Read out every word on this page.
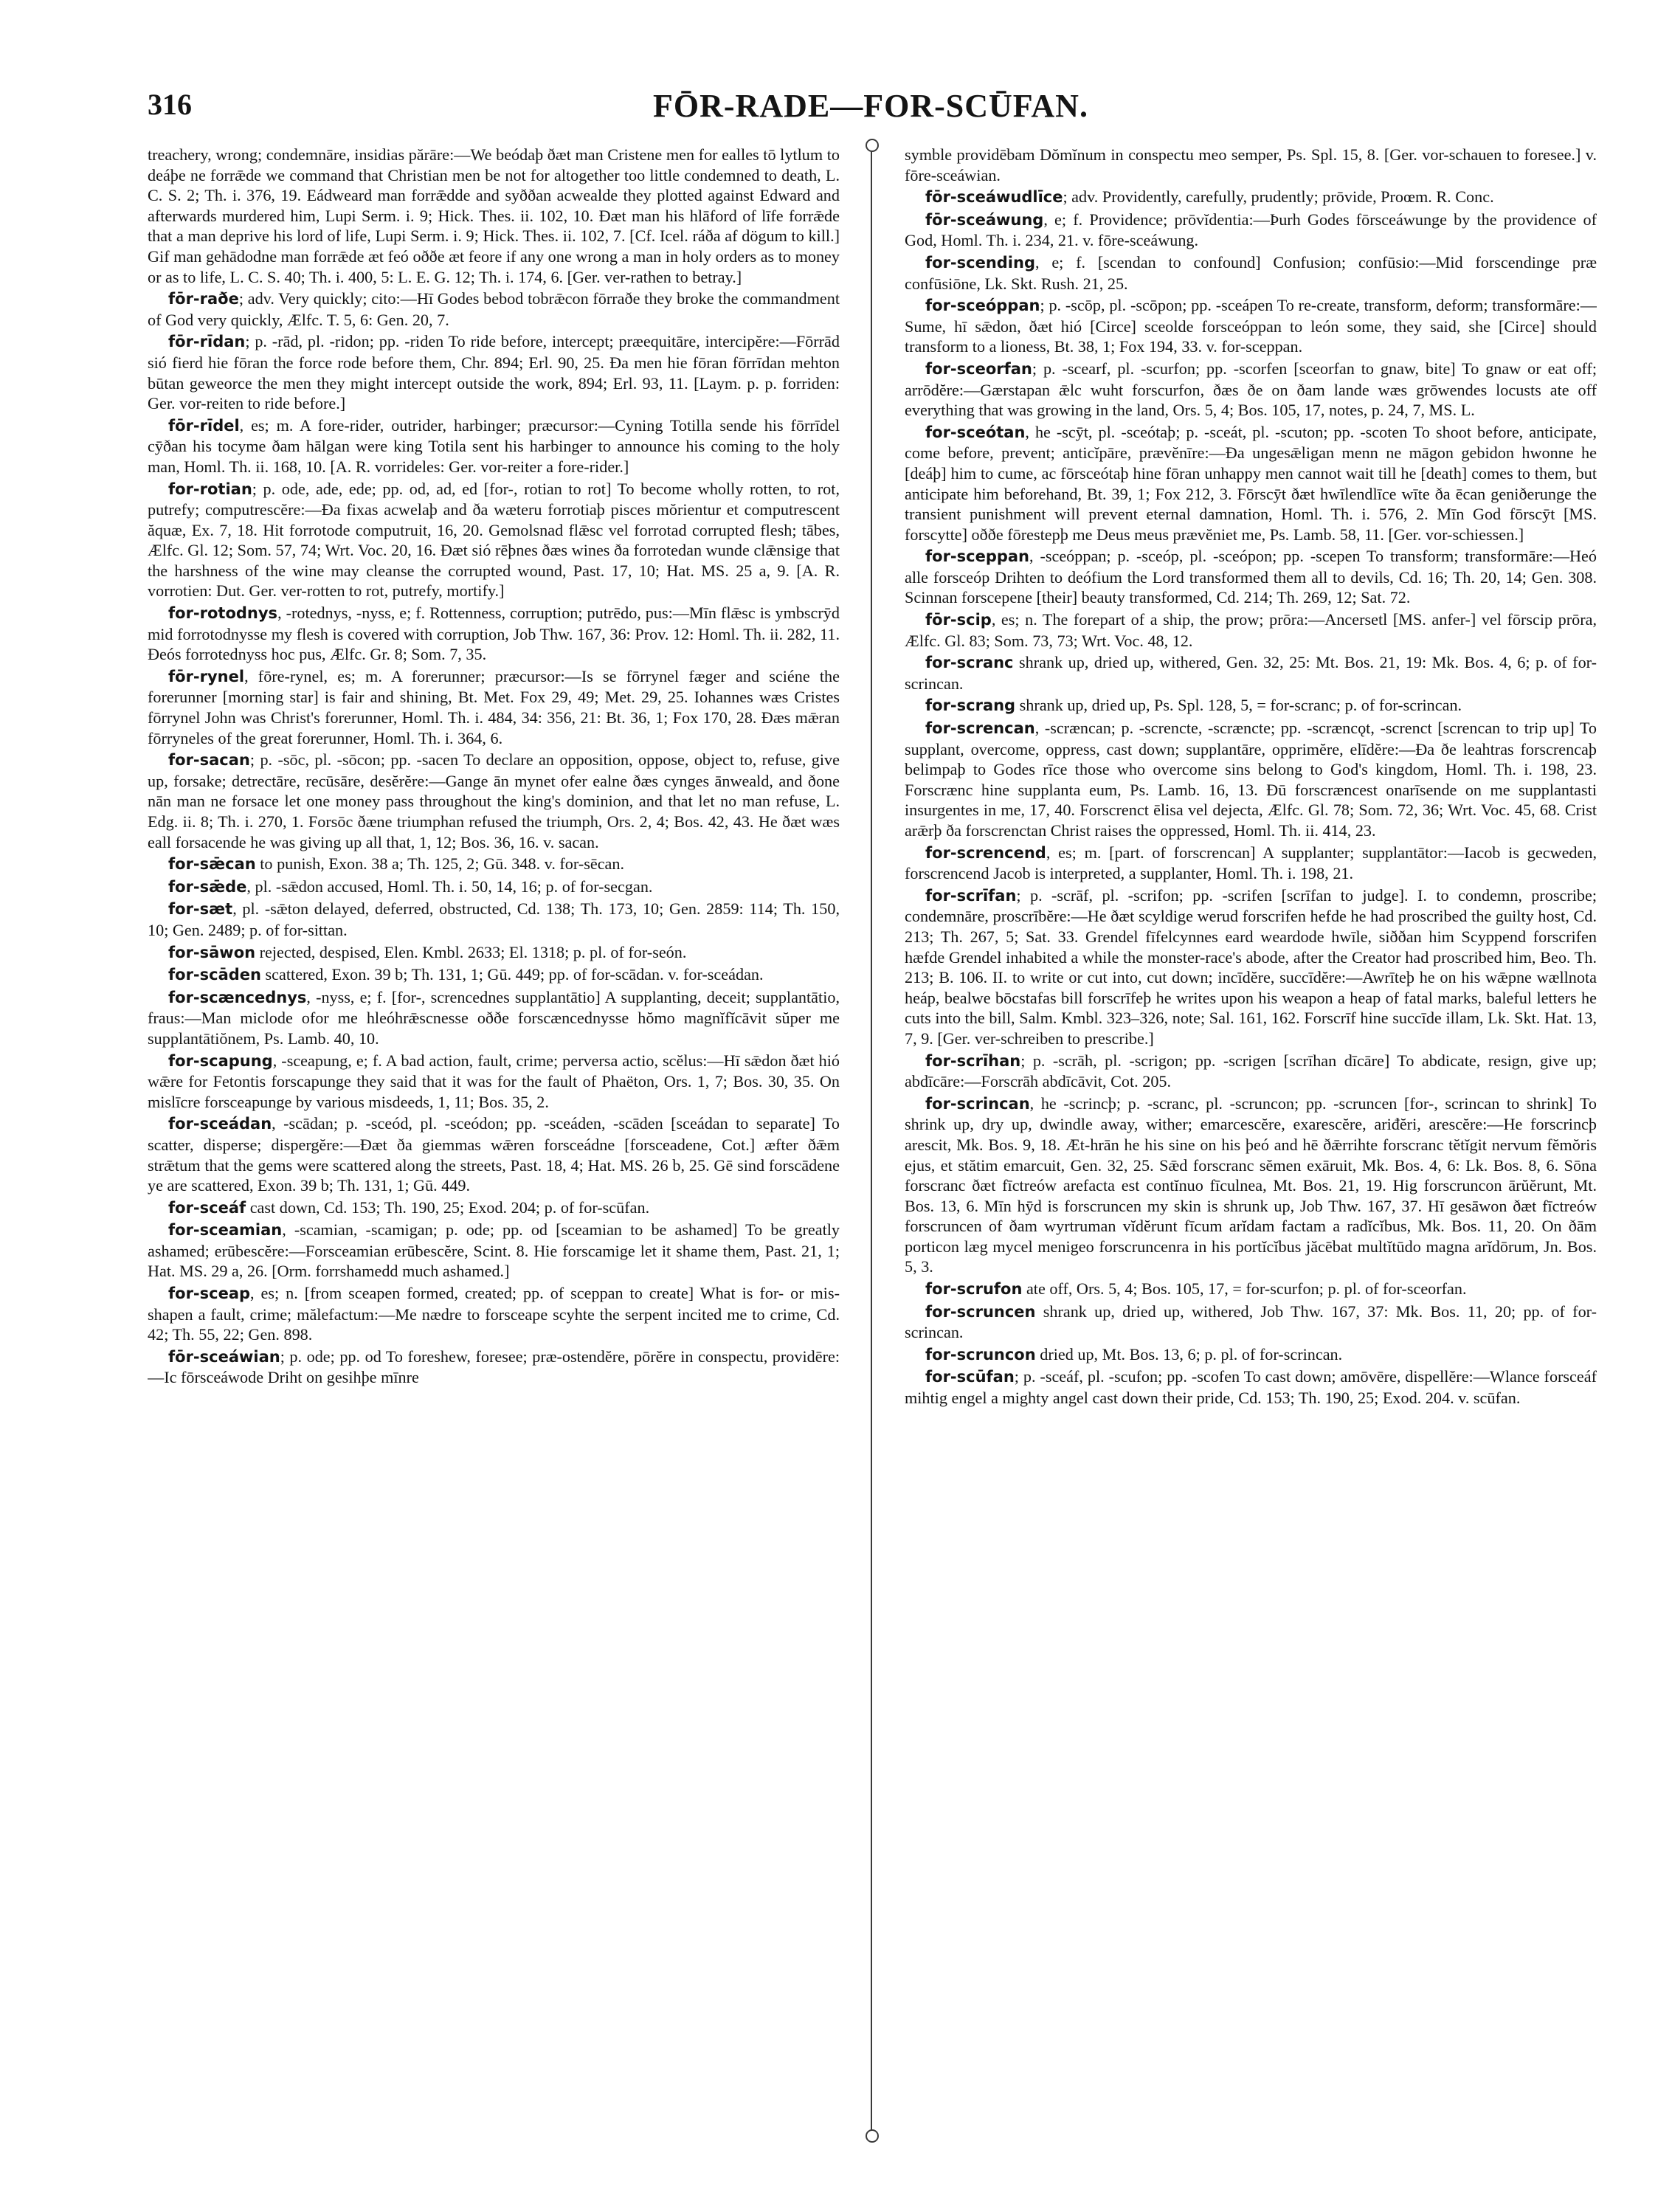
316	FŌR-RADE—FOR-SCŪFAN.

treachery, wrong; condemnāre, insidias părāre:—We beódaþ ðæt man Cristene men for ealles tō lytlum to deáþe ne forrǣde we command that Christian men be not for altogether too little condemned to death, L. C. S. 2; Th. i. 376, 19. Eádweard man forrǣdde and syððan acwealde they plotted against Edward and afterwards murdered him, Lupi Serm. i. 9; Hick. Thes. ii. 102, 10. Ðæt man his hlāford of līfe forrǣde that a man deprive his lord of life, Lupi Serm. i. 9; Hick. Thes. ii. 102, 7. [Cf. Icel. ráða af dögum to kill.] Gif man gehādodne man forrǣde æt feó oððe æt feore if any one wrong a man in holy orders as to money or as to life, L. C. S. 40; Th. i. 400, 5: L. E. G. 12; Th. i. 174, 6. [Ger. ver-rathen to betray.]

fōr-raðe; adv. Very quickly; cito:—Hī Godes bebod tobrǣcon fōrraðe they broke the commandment of God very quickly, Ælfc. T. 5, 6: Gen. 20, 7.

fōr-rīdan; p. -rād, pl. -ridon; pp. -riden To ride before, intercept; præequitāre, intercipĕre:—Fōrrād sió fierd hie fōran the force rode before them, Chr. 894; Erl. 90, 25. Ða men hie fōran fōrrīdan mehton būtan geweorce the men they might intercept outside the work, 894; Erl. 93, 11. [Laym. p. p. forriden: Ger. vor-reiten to ride before.]

fōr-rīdel, es; m. A fore-rider, outrider, harbinger; præcursor:—Cyning Totilla sende his fōrrīdel cȳðan his tocyme ðam hālgan were king Totila sent his harbinger to announce his coming to the holy man, Homl. Th. ii. 168, 10. [A. R. vorrideles: Ger. vor-reiter a fore-rider.]

for-rotian; p. ode, ade, ede; pp. od, ad, ed [for-, rotian to rot] To become wholly rotten, to rot, putrefy; computrescĕre:—Ða fixas acwelaþ and ða wæteru forrotiaþ pisces mŏrientur et computrescent ăquæ, Ex. 7, 18. Hit forrotode computruit, 16, 20. Gemolsnad flǣsc vel forrotad corrupted flesh; tābes, Ælfc. Gl. 12; Som. 57, 74; Wrt. Voc. 20, 16. Ðæt sió rēþnes ðæs wines ða forrotedan wunde clǣnsige that the harshness of the wine may cleanse the corrupted wound, Past. 17, 10; Hat. MS. 25 a, 9. [A. R. vorrotien: Dut. Ger. ver-rotten to rot, putrefy, mortify.]

for-rotodnys, -rotednys, -nyss, e; f. Rottenness, corruption; putrēdo, pus:—Mīn flǣsc is ymbscrȳd mid forrotodnysse my flesh is covered with corruption, Job Thw. 167, 36: Prov. 12: Homl. Th. ii. 282, 11. Ðeós forrotednyss hoc pus, Ælfc. Gr. 8; Som. 7, 35.

fōr-rynel, fōre-rynel, es; m. A forerunner; præcursor:—Is se fōrrynel fæger and sciéne the forerunner [morning star] is fair and shining, Bt. Met. Fox 29, 49; Met. 29, 25. Iohannes wæs Cristes fōrrynel John was Christ's forerunner, Homl. Th. i. 484, 34: 356, 21: Bt. 36, 1; Fox 170, 28. Ðæs mǣran fōrryneles of the great forerunner, Homl. Th. i. 364, 6.

for-sacan; p. -sōc, pl. -sōcon; pp. -sacen To declare an opposition, oppose, object to, refuse, give up, forsake; detrectāre, recūsāre, desĕrĕre:—Gange ān mynet ofer ealne ðæs cynges ānweald, and ðone nān man ne forsace let one money pass throughout the king's dominion, and that let no man refuse, L. Edg. ii. 8; Th. i. 270, 1. Forsōc ðæne triumphan refused the triumph, Ors. 2, 4; Bos. 42, 43. He ðæt wæs eall forsacende he was giving up all that, 1, 12; Bos. 36, 16. v. sacan.

for-sǣcan to punish, Exon. 38 a; Th. 125, 2; Gū. 348. v. for-sēcan.

for-sǣde, pl. -sǣdon accused, Homl. Th. i. 50, 14, 16; p. of for-secgan.

for-sæt, pl. -sǣton delayed, deferred, obstructed, Cd. 138; Th. 173, 10; Gen. 2859: 114; Th. 150, 10; Gen. 2489; p. of for-sittan.

for-sāwon rejected, despised, Elen. Kmbl. 2633; El. 1318; p. pl. of for-seón.

for-scāden scattered, Exon. 39 b; Th. 131, 1; Gū. 449; pp. of for-scādan. v. for-sceádan.

for-scæncednys, -nyss, e; f. [for-, screncednes supplantātio] A supplanting, deceit; supplantātio, fraus:—Man miclode ofor me hleóhrǣscnesse oððe forscæncednysse hŏmo magnĭfĭcāvit sŭper me supplantātiŏnem, Ps. Lamb. 40, 10.

for-scapung, -sceapung, e; f. A bad action, fault, crime; perversa actio, scĕlus:—Hī sǣdon ðæt hió wǣre for Fetontis forscapunge they said that it was for the fault of Phaëton, Ors. 1, 7; Bos. 30, 35. On mislīcre forsceapunge by various misdeeds, 1, 11; Bos. 35, 2.

for-sceádan, -scādan; p. -sceód, pl. -sceódon; pp. -sceáden, -scāden [sceádan to separate] To scatter, disperse; dispergĕre:—Ðæt ða giemmas wǣren forsceádne [forsceadene, Cot.] æfter ðǣm strǣtum that the gems were scattered along the streets, Past. 18, 4; Hat. MS. 26 b, 25. Gē sind forscādene ye are scattered, Exon. 39 b; Th. 131, 1; Gū. 449.

for-sceáf cast down, Cd. 153; Th. 190, 25; Exod. 204; p. of for-scūfan.

for-sceamian, -scamian, -scamigan; p. ode; pp. od [sceamian to be ashamed] To be greatly ashamed; erūbescĕre:—Forsceamian erūbescĕre, Scint. 8. Hie forscamige let it shame them, Past. 21, 1; Hat. MS. 29 a, 26. [Orm. forrshamedd much ashamed.]

for-sceap, es; n. [from sceapen formed, created; pp. of sceppan to create] What is for- or mis-shapen a fault, crime; mălefactum:—Me nædre to forsceape scyhte the serpent incited me to crime, Cd. 42; Th. 55, 22; Gen. 898.

fōr-sceáwian; p. ode; pp. od To foreshew, foresee; præ-ostendĕre, pōrĕre in conspectu, providēre:—Ic fōrsceáwode Driht on gesihþe mīnre

symble providēbam Dŏmĭnum in conspectu meo semper, Ps. Spl. 15, 8. [Ger. vor-schauen to foresee.] v. fōre-sceáwian.

fōr-sceáwudlīce; adv. Providently, carefully, prudently; prōvide, Proœm. R. Conc.

fōr-sceáwung, e; f. Providence; prōvĭdentia:—Þurh Godes fōrsceáwunge by the providence of God, Homl. Th. i. 234, 21. v. fōre-sceáwung.

for-scending, e; f. [scendan to confound] Confusion; confūsio:—Mid forscendinge præ confūsiōne, Lk. Skt. Rush. 21, 25.

for-sceóppan; p. -scōp, pl. -scōpon; pp. -sceápen To re-create, transform, deform; transformāre:—Sume, hī sǣdon, ðæt hió [Circe] sceolde forsceóppan to león some, they said, she [Circe] should transform to a lioness, Bt. 38, 1; Fox 194, 33. v. for-sceppan.

for-sceorfan; p. -scearf, pl. -scurfon; pp. -scorfen [sceorfan to gnaw, bite] To gnaw or eat off; arrōdĕre:—Gærstapan ǣlc wuht forscurfon, ðæs ðe on ðam lande wæs grōwendes locusts ate off everything that was growing in the land, Ors. 5, 4; Bos. 105, 17, notes, p. 24, 7, MS. L.

for-sceótan, he -scȳt, pl. -sceótaþ; p. -sceát, pl. -scuton; pp. -scoten To shoot before, anticipate, come before, prevent; anticĭpāre, prævĕnīre:—Ða ungesǣligan menn ne māgon gebidon hwonne he [deáþ] him to cume, ac fōrsceótaþ hine fōran unhappy men cannot wait till he [death] comes to them, but anticipate him beforehand, Bt. 39, 1; Fox 212, 3. Fōrscȳt ðæt hwīlendlīce wīte ða ēcan geniðerunge the transient punishment will prevent eternal damnation, Homl. Th. i. 576, 2. Mīn God fōrscȳt [MS. forscytte] oððe fōrestepþ me Deus meus prævĕniet me, Ps. Lamb. 58, 11. [Ger. vor-schiessen.]

for-sceppan, -sceóppan; p. -sceóp, pl. -sceópon; pp. -scepen To transform; transformāre:—Heó alle forsceóp Drihten to deófium the Lord transformed them all to devils, Cd. 16; Th. 20, 14; Gen. 308. Scinnan forscepene [their] beauty transformed, Cd. 214; Th. 269, 12; Sat. 72.

fōr-scip, es; n. The forepart of a ship, the prow; prōra:—Ancersetl [MS. anfer-] vel fōrscip prōra, Ælfc. Gl. 83; Som. 73, 73; Wrt. Voc. 48, 12.

for-scranc shrank up, dried up, withered, Gen. 32, 25: Mt. Bos. 21, 19: Mk. Bos. 4, 6; p. of for-scrincan.

for-scrang shrank up, dried up, Ps. Spl. 128, 5, = for-scranc; p. of for-scrincan.

for-screncan, -scræncan; p. -screncte, -scræncte; pp. -scræncǫt, -screnct [screncan to trip up] To supplant, overcome, oppress, cast down; supplantāre, opprimĕre, elīdĕre:—Ða ðe leahtras forscrencaþ belimpaþ to Godes rīce those who overcome sins belong to God's kingdom, Homl. Th. i. 198, 23. Forscrænc hine supplanta eum, Ps. Lamb. 16, 13. Ðū forscræncest onarīsende on me supplantasti insurgentes in me, 17, 40. Forscrenct ēlisa vel dejecta, Ælfc. Gl. 78; Som. 72, 36; Wrt. Voc. 45, 68. Crist arǣrþ ða forscrenctan Christ raises the oppressed, Homl. Th. ii. 414, 23.

for-screncend, es; m. [part. of forscrencan] A supplanter; supplantātor:—Iacob is gecweden, forscrencend Jacob is interpreted, a supplanter, Homl. Th. i. 198, 21.

for-scrīfan; p. -scrāf, pl. -scrifon; pp. -scrifen [scrīfan to judge]. I. to condemn, proscribe; condemnāre, proscrībĕre:—He ðæt scyldige werud forscrifen hefde he had proscribed the guilty host, Cd. 213; Th. 267, 5; Sat. 33. Grendel fīfelcynnes eard weardode hwīle, siððan him Scyppend forscrifen hæfde Grendel inhabited a while the monster-race's abode, after the Creator had proscribed him, Beo. Th. 213; B. 106. II. to write or cut into, cut down; incīdĕre, succīdĕre:—Awrīteþ he on his wǣpne wællnota heáp, bealwe bōcstafas bill forscrīfeþ he writes upon his weapon a heap of fatal marks, baleful letters he cuts into the bill, Salm. Kmbl. 323–326, note; Sal. 161, 162. Forscrīf hine succīde illam, Lk. Skt. Hat. 13, 7, 9. [Ger. ver-schreiben to prescribe.]

for-scrīhan; p. -scrāh, pl. -scrigon; pp. -scrigen [scrīhan dīcāre] To abdicate, resign, give up; abdīcāre:—Forscrāh abdīcāvit, Cot. 205.

for-scrincan, he -scrincþ; p. -scranc, pl. -scruncon; pp. -scruncen [for-, scrincan to shrink] To shrink up, dry up, dwindle away, wither; emarcescĕre, exarescĕre, ariđĕri, arescĕre:—He forscrincþ arescit, Mk. Bos. 9, 18. Æt-hrān he his sine on his þeó and hē ðǣrrihte forscranc tĕtĭgit nervum fĕmŏris ejus, et stătim emarcuit, Gen. 32, 25. Sǣd forscranc sĕmen exāruit, Mk. Bos. 4, 6: Lk. Bos. 8, 6. Sōna forscranc ðæt fīctreów arefacta est contĭnuo fīculnea, Mt. Bos. 21, 19. Hig forscruncon ārŭĕrunt, Mt. Bos. 13, 6. Mīn hȳd is forscruncen my skin is shrunk up, Job Thw. 167, 37. Hī gesāwon ðæt fīctreów forscruncen of ðam wyrtruman vĭdĕrunt fīcum arĭdam factam a radĭcĭbus, Mk. Bos. 11, 20. On ðām porticon læg mycel menigeo forscruncenra in his portĭcĭbus jăcēbat multĭtūdo magna arĭdōrum, Jn. Bos. 5, 3.

for-scrufon ate off, Ors. 5, 4; Bos. 105, 17, = for-scurfon; p. pl. of for-sceorfan.

for-scruncen shrank up, dried up, withered, Job Thw. 167, 37: Mk. Bos. 11, 20; pp. of for-scrincan.

for-scruncon dried up, Mt. Bos. 13, 6; p. pl. of for-scrincan.

for-scūfan; p. -sceáf, pl. -scufon; pp. -scofen To cast down; amōvēre, dispellĕre:—Wlance forsceáf mihtig engel a mighty angel cast down their pride, Cd. 153; Th. 190, 25; Exod. 204. v. scūfan.
